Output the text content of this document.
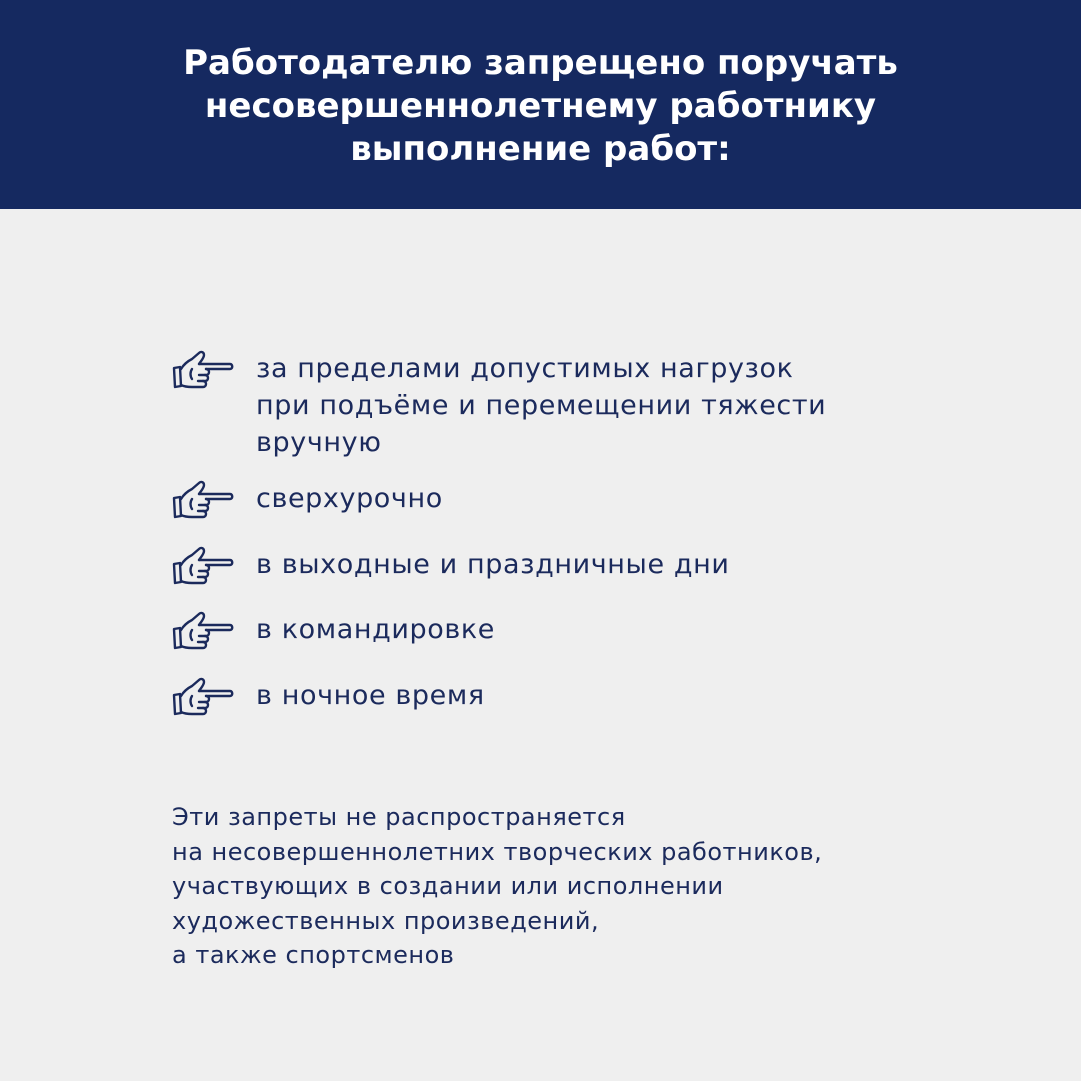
Работодателю запрещено поручать
несовершеннолетнему работнику
выполнение работ:
за пределами допустимых нагрузок
при подъёме и перемещении тяжести
вручную
сверхурочно
в выходные и праздничные дни
в командировке
в ночное время

Эти запреты не распространяется
на несовершеннолетних творческих работников,
участвующих в создании или исполнении
художественных произведений,
а также спортсменов
